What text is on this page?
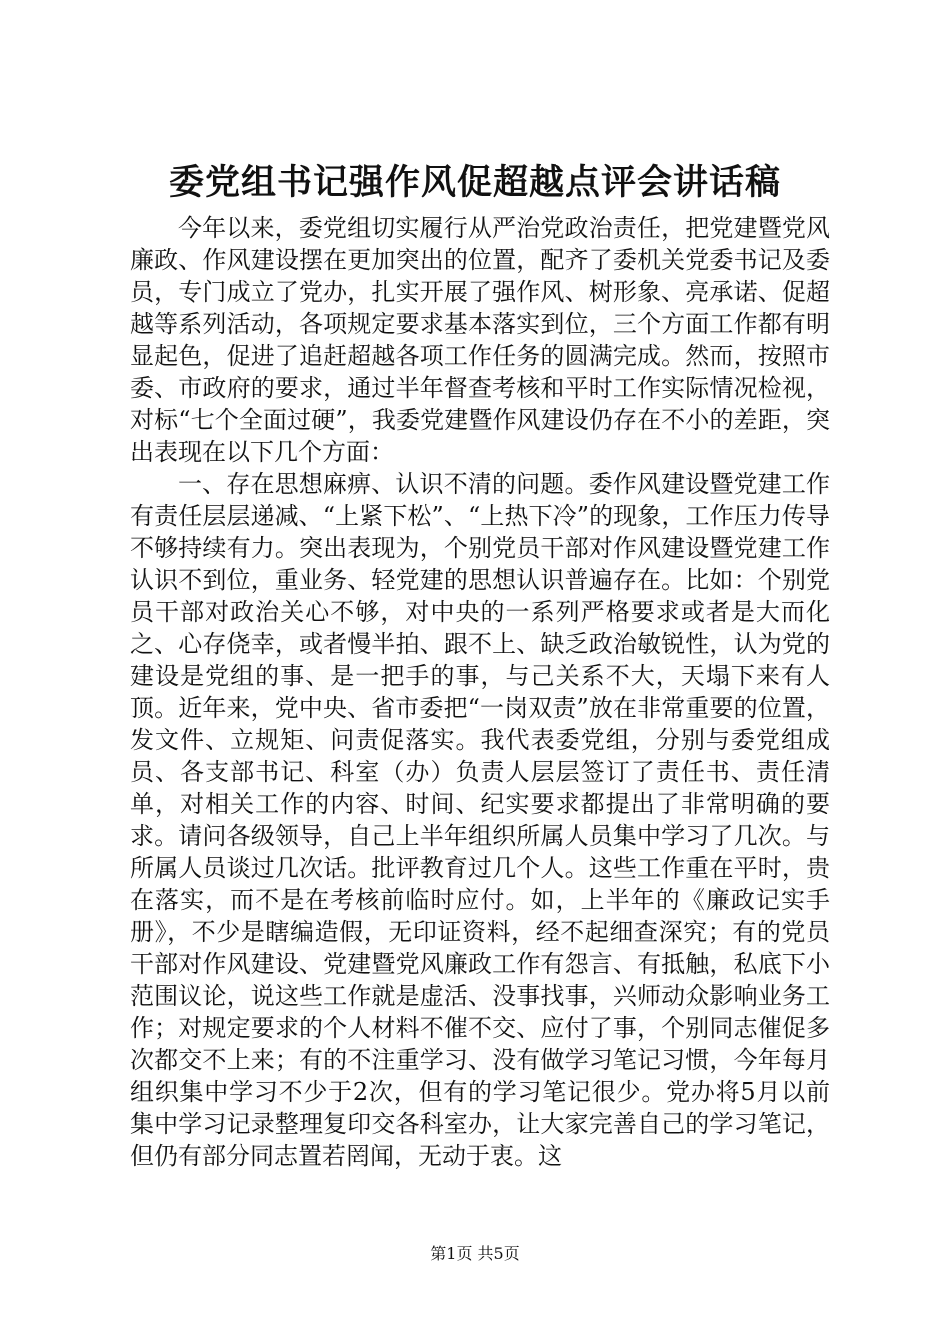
委党组书记强作风促超越点评会讲话稿

今年以来，委党组切实履行从严治党政治责任，把党建暨党风廉政、作风建设摆在更加突出的位置，配齐了委机关党委书记及委员，专门成立了党办，扎实开展了强作风、树形象、亮承诺、促超越等系列活动，各项规定要求基本落实到位，三个方面工作都有明显起色，促进了追赶超越各项工作任务的圆满完成。然而，按照市委、市政府的要求，通过半年督查考核和平时工作实际情况检视，对标“七个全面过硬”，我委党建暨作风建设仍存在不小的差距，突出表现在以下几个方面：

一、存在思想麻痹、认识不清的问题。委作风建设暨党建工作有责任层层递减、“上紧下松”、“上热下冷”的现象，工作压力传导不够持续有力。突出表现为，个别党员干部对作风建设暨党建工作认识不到位，重业务、轻党建的思想认识普遍存在。比如：个别党员干部对政治关心不够，对中央的一系列严格要求或者是大而化之、心存侥幸，或者慢半拍、跟不上、缺乏政治敏锐性，认为党的建设是党组的事、是一把手的事，与己关系不大，天塌下来有人顶。近年来，党中央、省市委把“一岗双责”放在非常重要的位置，发文件、立规矩、问责促落实。我代表委党组，分别与委党组成员、各支部书记、科室（办）负责人层层签订了责任书、责任清单，对相关工作的内容、时间、纪实要求都提出了非常明确的要求。请问各级领导，自己上半年组织所属人员集中学习了几次。与所属人员谈过几次话。批评教育过几个人。这些工作重在平时，贵在落实，而不是在考核前临时应付。如，上半年的《廉政记实手册》，不少是瞎编造假，无印证资料，经不起细查深究；有的党员干部对作风建设、党建暨党风廉政工作有怨言、有抵触，私底下小范围议论，说这些工作就是虚活、没事找事，兴师动众影响业务工作；对规定要求的个人材料不催不交、应付了事，个别同志催促多次都交不上来；有的不注重学习、没有做学习笔记习惯，今年每月组织集中学习不少于2次，但有的学习笔记很少。党办将5月以前集中学习记录整理复印交各科室办，让大家完善自己的学习笔记，但仍有部分同志置若罔闻，无动于衷。这

第1页 共5页
